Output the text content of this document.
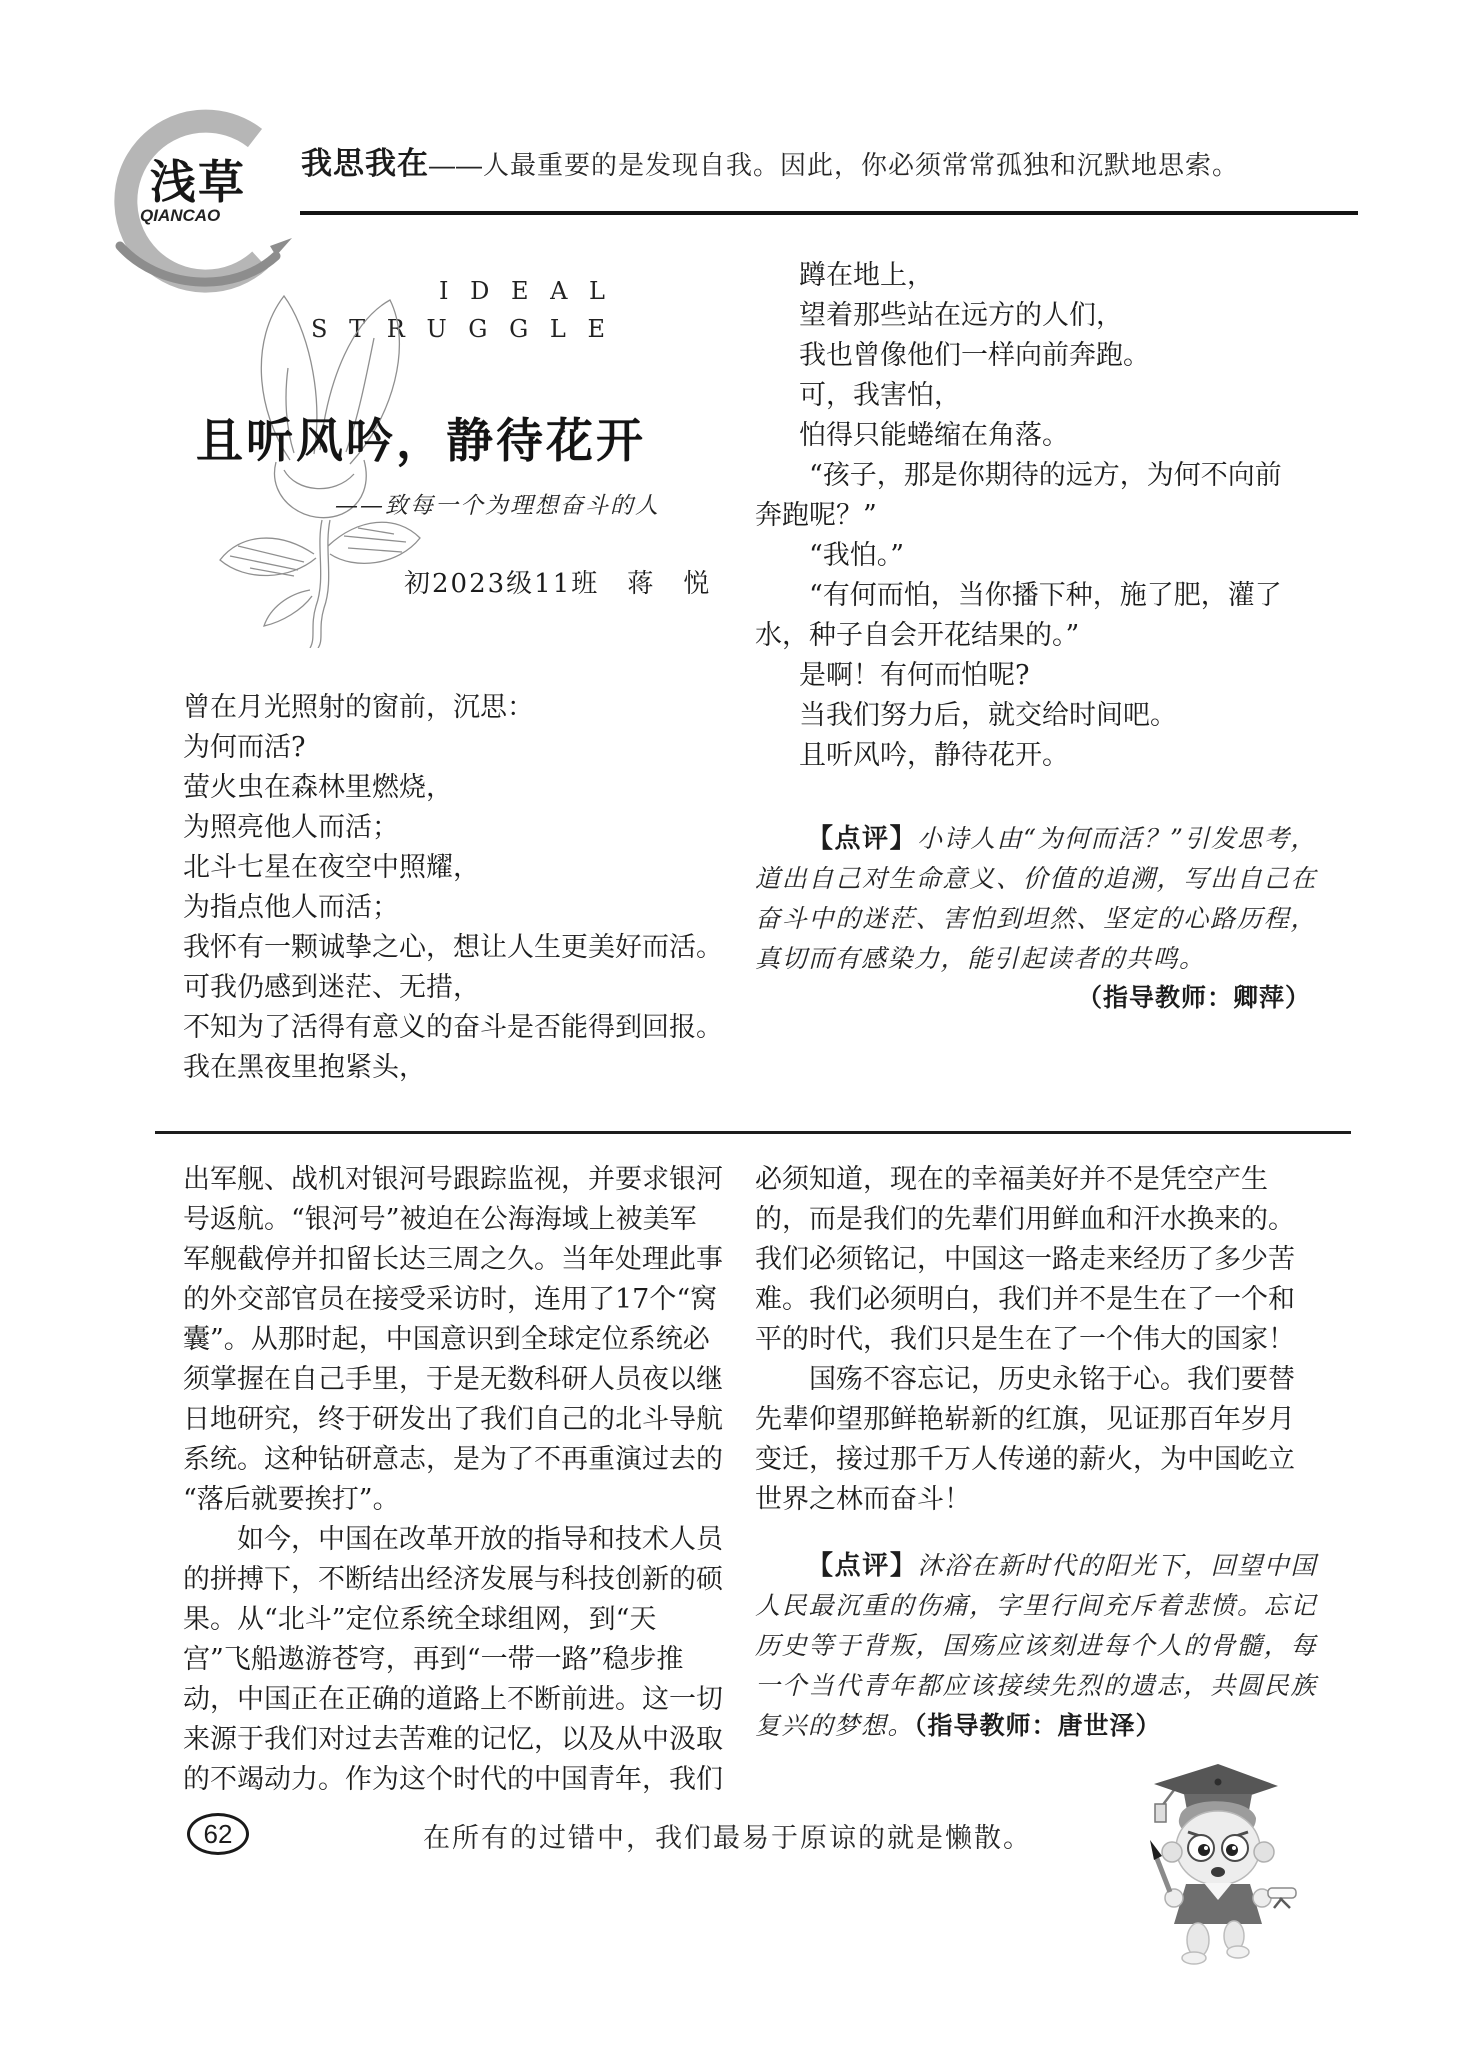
浅草
QIANCAO
我思我在——人最重要的是发现自我。因此，你必须常常孤独和沉默地思索。
I D E A L
S T R U G G L E
且听风吟，静待花开
——致每一个为理想奋斗的人
初2023级11班　蒋　悦
曾在月光照射的窗前，沉思：
为何而活?
萤火虫在森林里燃烧，
为照亮他人而活；
北斗七星在夜空中照耀，
为指点他人而活；
我怀有一颗诚挚之心，想让人生更美好而活。
可我仍感到迷茫、无措，
不知为了活得有意义的奋斗是否能得到回报。
我在黑夜里抱紧头，
蹲在地上，
望着那些站在远方的人们，
我也曾像他们一样向前奔跑。
可，我害怕，
怕得只能蜷缩在角落。
“孩子，那是你期待的远方，为何不向前
奔跑呢？”
“我怕。”
“有何而怕，当你播下种，施了肥，灌了
水，种子自会开花结果的。”
是啊！有何而怕呢?
当我们努力后，就交给时间吧。
且听风吟，静待花开。
【点评】小诗人由“为何而活？”引发思考，道出自己对生命意义、价值的追溯，写出自己在奋斗中的迷茫、害怕到坦然、坚定的心路历程，真切而有感染力，能引起读者的共鸣。
（指导教师：卿萍）
出军舰、战机对银河号跟踪监视，并要求银河
号返航。“银河号”被迫在公海海域上被美军
军舰截停并扣留长达三周之久。当年处理此事
的外交部官员在接受采访时，连用了17个“窝
囊”。从那时起，中国意识到全球定位系统必
须掌握在自己手里，于是无数科研人员夜以继
日地研究，终于研发出了我们自己的北斗导航
系统。这种钻研意志，是为了不再重演过去的
“落后就要挨打”。
　　如今，中国在改革开放的指导和技术人员
的拼搏下，不断结出经济发展与科技创新的硕
果。从“北斗”定位系统全球组网，到“天
宫”飞船遨游苍穹，再到“一带一路”稳步推
动，中国正在正确的道路上不断前进。这一切
来源于我们对过去苦难的记忆，以及从中汲取
的不竭动力。作为这个时代的中国青年，我们
必须知道，现在的幸福美好并不是凭空产生
的，而是我们的先辈们用鲜血和汗水换来的。
我们必须铭记，中国这一路走来经历了多少苦
难。我们必须明白，我们并不是生在了一个和
平的时代，我们只是生在了一个伟大的国家！
　　国殇不容忘记，历史永铭于心。我们要替
先辈仰望那鲜艳崭新的红旗，见证那百年岁月
变迁，接过那千万人传递的薪火，为中国屹立
世界之林而奋斗！
【点评】沐浴在新时代的阳光下，回望中国人民最沉重的伤痛，字里行间充斥着悲愤。忘记历史等于背叛，国殇应该刻进每个人的骨髓，每一个当代青年都应该接续先烈的遗志，共圆民族复兴的梦想。（指导教师：唐世泽）
62	在所有的过错中，我们最易于原谅的就是懒散。
